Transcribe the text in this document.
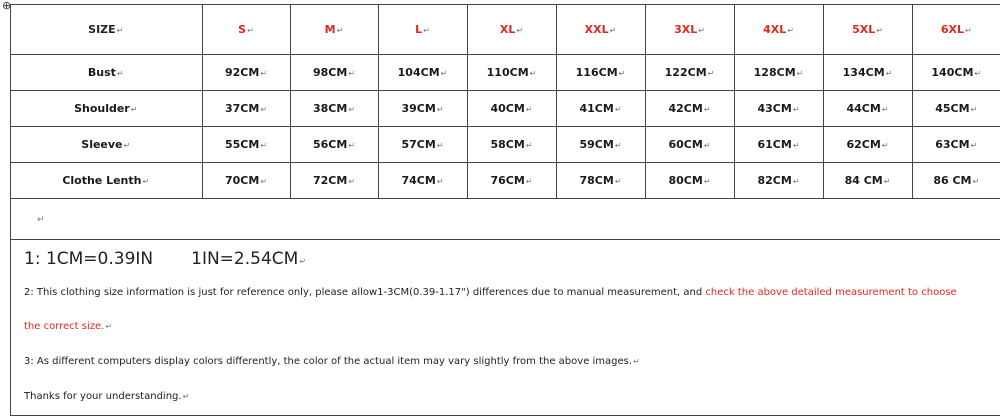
⊕
SIZE↵	S↵	M↵	L↵	XL↵	XXL↵	3XL↵	4XL↵	5XL↵	6XL↵
Bust↵	92CM↵	98CM↵	104CM↵	110CM↵	116CM↵	122CM↵	128CM↵	134CM↵	140CM↵
Shoulder↵	37CM↵	38CM↵	39CM↵	40CM↵	41CM↵	42CM↵	43CM↵	44CM↵	45CM↵
Sleeve↵	55CM↵	56CM↵	57CM↵	58CM↵	59CM↵	60CM↵	61CM↵	62CM↵	63CM↵
Clothe Lenth↵	70CM↵	72CM↵	74CM↵	76CM↵	78CM↵	80CM↵	82CM↵	84 CM↵	86 CM↵
↵
1: 1CM=0.39IN 1IN=2.54CM↵
2: This clothing size information is just for reference only, please allow1-3CM(0.39-1.17") differences due to manual measurement, and check the above detailed measurement to choose
the correct size.↵
3: As different computers display colors differently, the color of the actual item may vary slightly from the above images.↵
Thanks for your understanding.↵
